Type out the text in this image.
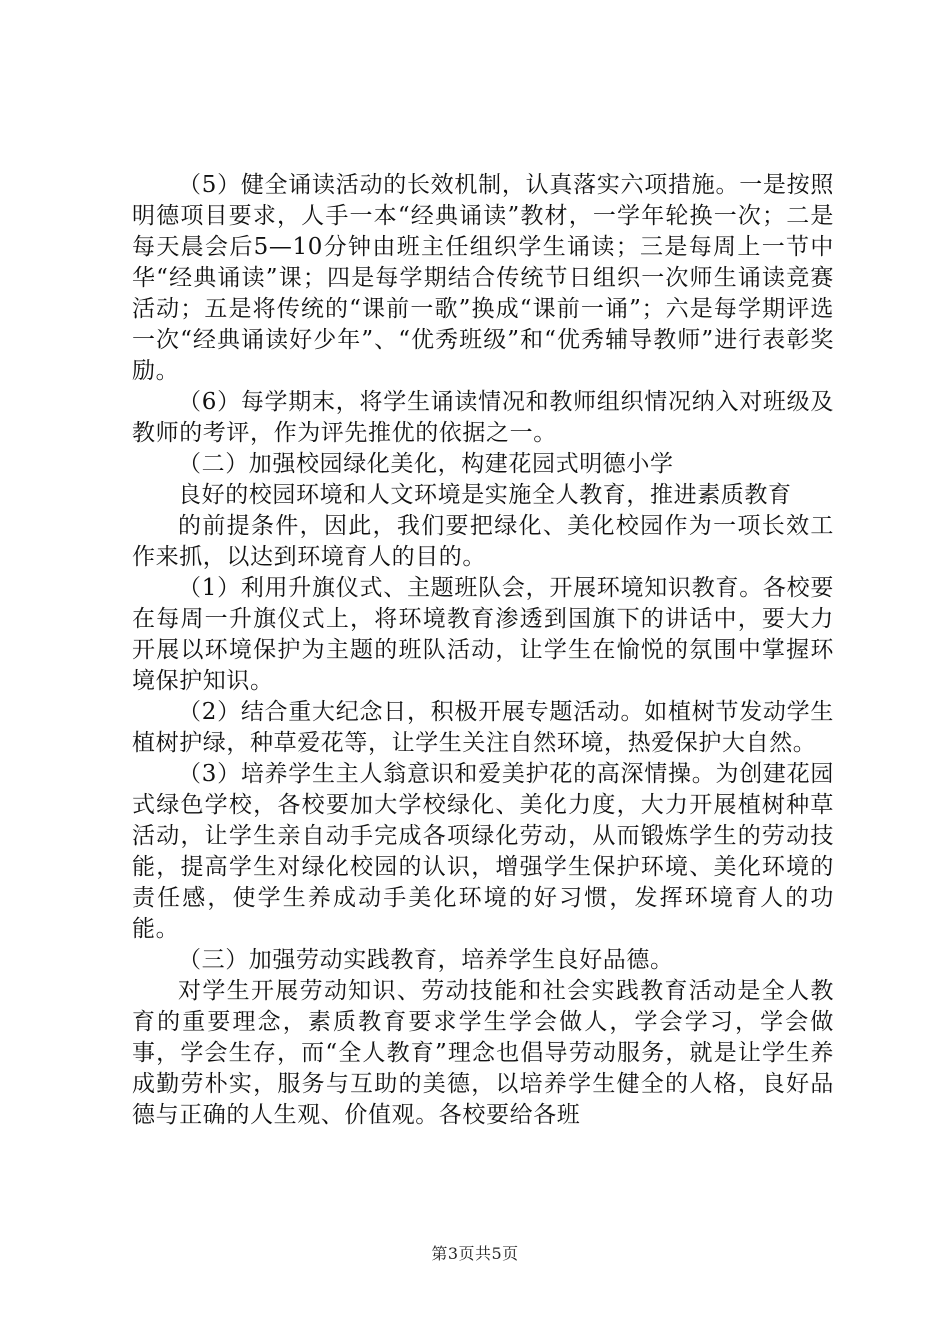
（5）健全诵读活动的长效机制，认真落实六项措施。一是按照明德项目要求，人手一本“经典诵读”教材，一学年轮换一次；二是每天晨会后5—10分钟由班主任组织学生诵读；三是每周上一节中华“经典诵读”课；四是每学期结合传统节日组织一次师生诵读竞赛活动；五是将传统的“课前一歌”换成“课前一诵”；六是每学期评选一次“经典诵读好少年”、“优秀班级”和“优秀辅导教师”进行表彰奖励。

（6）每学期末，将学生诵读情况和教师组织情况纳入对班级及教师的考评，作为评先推优的依据之一。

（二）加强校园绿化美化，构建花园式明德小学

良好的校园环境和人文环境是实施全人教育，推进素质教育

的前提条件，因此，我们要把绿化、美化校园作为一项长效工作来抓，以达到环境育人的目的。

（1）利用升旗仪式、主题班队会，开展环境知识教育。各校要在每周一升旗仪式上，将环境教育渗透到国旗下的讲话中，要大力开展以环境保护为主题的班队活动，让学生在愉悦的氛围中掌握环境保护知识。

（2）结合重大纪念日，积极开展专题活动。如植树节发动学生植树护绿，种草爱花等，让学生关注自然环境，热爱保护大自然。

（3）培养学生主人翁意识和爱美护花的高深情操。为创建花园式绿色学校，各校要加大学校绿化、美化力度，大力开展植树种草活动，让学生亲自动手完成各项绿化劳动，从而锻炼学生的劳动技能，提高学生对绿化校园的认识，增强学生保护环境、美化环境的责任感，使学生养成动手美化环境的好习惯，发挥环境育人的功能。

（三）加强劳动实践教育，培养学生良好品德。

对学生开展劳动知识、劳动技能和社会实践教育活动是全人教育的重要理念，素质教育要求学生学会做人，学会学习，学会做事，学会生存，而“全人教育”理念也倡导劳动服务，就是让学生养成勤劳朴实，服务与互助的美德，以培养学生健全的人格，良好品德与正确的人生观、价值观。各校要给各班

第3页共5页
